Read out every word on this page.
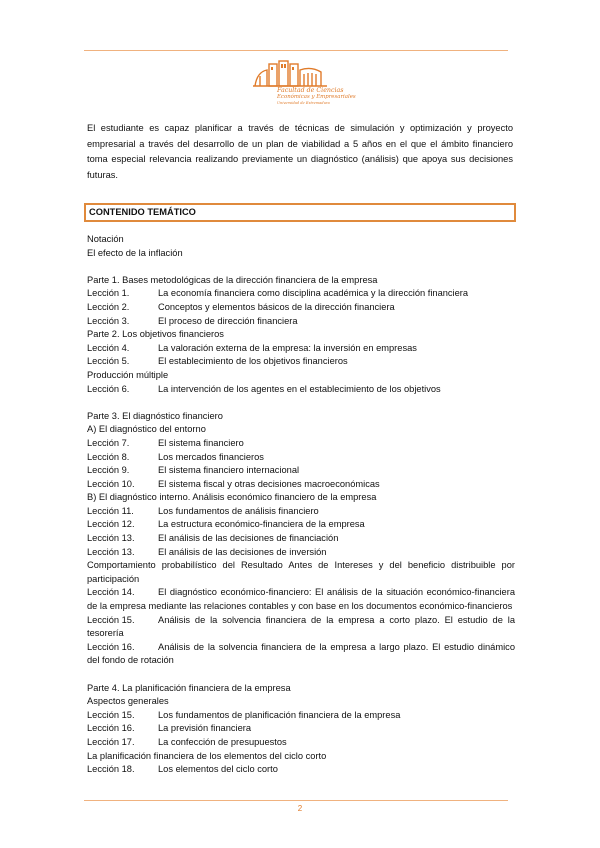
Facultad de Ciencias
Económicas y Empresariales
Universidad de Extremadura
El estudiante es capaz planificar a través de técnicas de simulación y optimización y proyecto empresarial a través del desarrollo de un plan de viabilidad a 5 años en el que el ámbito financiero toma especial relevancia realizando previamente un diagnóstico (análisis) que apoya sus decisiones futuras.
CONTENIDO TEMÁTICO
Notación
El efecto de la inflación
Parte 1. Bases metodológicas de la dirección financiera de la empresa
Lección 1.	La economía financiera como disciplina académica y la dirección financiera
Lección 2.	Conceptos y elementos básicos de la dirección financiera
Lección 3.	El proceso de dirección financiera
Parte 2. Los objetivos financieros
Lección 4.	La valoración externa de la empresa: la inversión en empresas
Lección 5.	El establecimiento de los objetivos financieros
Producción múltiple
Lección 6.	La intervención de los agentes en el establecimiento de los objetivos
Parte 3. El diagnóstico financiero
A) El diagnóstico del entorno
Lección 7.	El sistema financiero
Lección 8.	Los mercados financieros
Lección 9.	El sistema financiero internacional
Lección 10.	El sistema fiscal y otras decisiones macroeconómicas
B) El diagnóstico interno. Análisis económico financiero de la empresa
Lección 11.	Los fundamentos de análisis financiero
Lección 12.	La estructura económico-financiera de la empresa
Lección 13.	El análisis de las decisiones de financiación
Lección 13.	El análisis de las decisiones de inversión
Comportamiento probabilístico del Resultado Antes de Intereses y del beneficio distribuible por participación
Lección 14.	El diagnóstico económico-financiero: El análisis de la situación económico-financiera de la empresa mediante las relaciones contables y con base en los documentos económico-financieros
Lección 15.	Análisis de la solvencia financiera de la empresa a corto plazo. El estudio de la tesorería
Lección 16.	Análisis de la solvencia financiera de la empresa a largo plazo. El estudio dinámico del fondo de rotación
Parte 4. La planificación financiera de la empresa
Aspectos generales
Lección 15.	Los fundamentos de planificación financiera de la empresa
Lección 16.	La previsión financiera
Lección 17.	La confección de presupuestos
La planificación financiera de los elementos del ciclo corto
Lección 18.	Los elementos del ciclo corto
2
